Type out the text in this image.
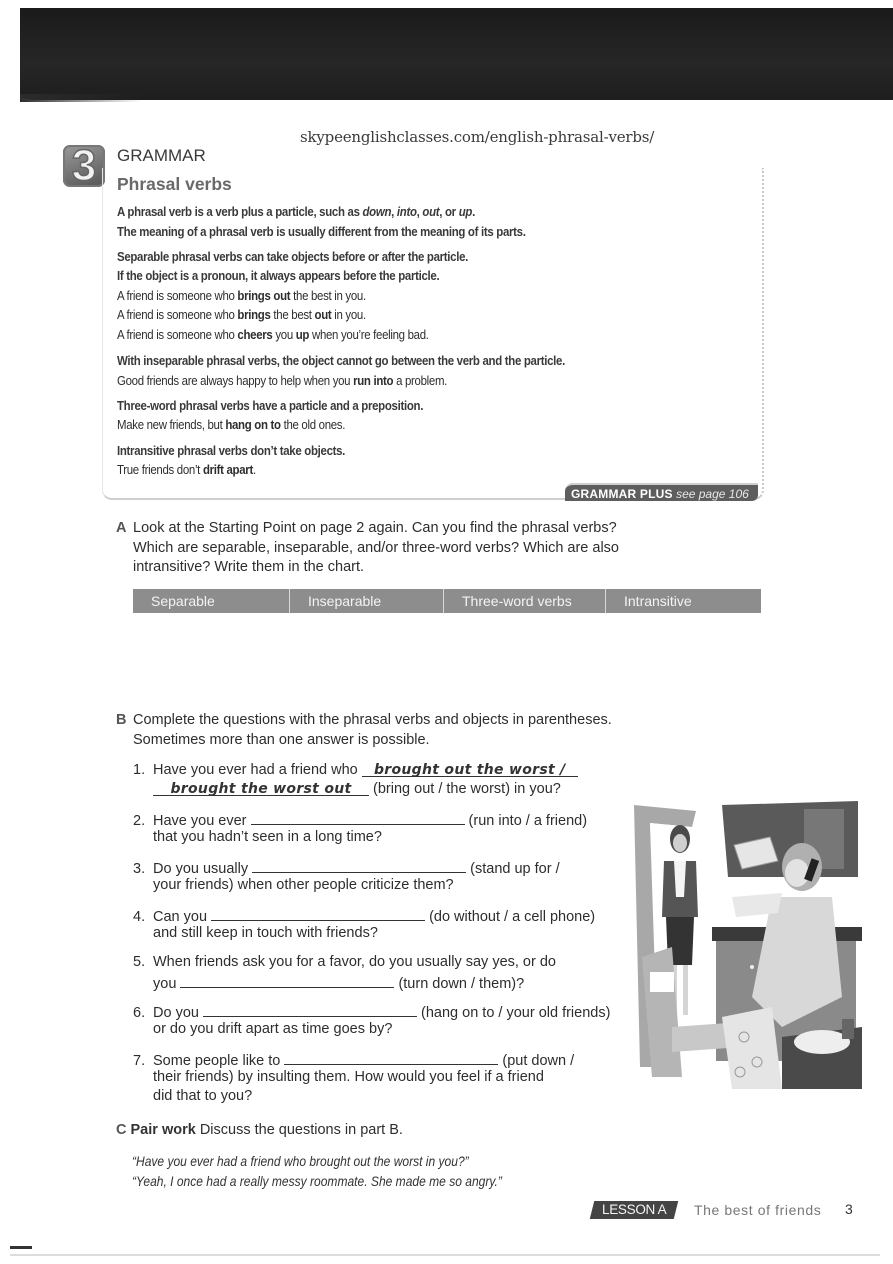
skypeenglishclasses.com/english-phrasal-verbs/
3	GRAMMAR
Phrasal verbs
A phrasal verb is a verb plus a particle, such as down, into, out, or up.
The meaning of a phrasal verb is usually different from the meaning of its parts.
Separable phrasal verbs can take objects before or after the particle.
If the object is a pronoun, it always appears before the particle.
A friend is someone who brings out the best in you.
A friend is someone who brings the best out in you.
A friend is someone who cheers you up when you’re feeling bad.
With inseparable phrasal verbs, the object cannot go between the verb and the particle.
Good friends are always happy to help when you run into a problem.
Three-word phrasal verbs have a particle and a preposition.
Make new friends, but hang on to the old ones.
Intransitive phrasal verbs don’t take objects.
True friends don’t drift apart.
GRAMMAR PLUS see page 106
A Look at the Starting Point on page 2 again. Can you find the phrasal verbs?
Which are separable, inseparable, and/or three-word verbs? Which are also
intransitive? Write them in the chart.
Separable	Inseparable	Three-word verbs	Intransitive
B Complete the questions with the phrasal verbs and objects in parentheses.
Sometimes more than one answer is possible.
1. Have you ever had a friend who brought out the worst /
brought the worst out (bring out / the worst) in you?
2. Have you ever	(run into / a friend)
that you hadn’t seen in a long time?
3. Do you usually	(stand up for /
your friends) when other people criticize them?
4. Can you	(do without / a cell phone)
and still keep in touch with friends?
5. When friends ask you for a favor, do you usually say yes, or do
you	(turn down / them)?
6. Do you	(hang on to / your old friends)
or do you drift apart as time goes by?
7. Some people like to	(put down /
their friends) by insulting them. How would you feel if a friend
did that to you?
C Pair work Discuss the questions in part B.
“Have you ever had a friend who brought out the worst in you?”
“Yeah, I once had a really messy roommate. She made me so angry.”
LESSON A	The best of friends 3
